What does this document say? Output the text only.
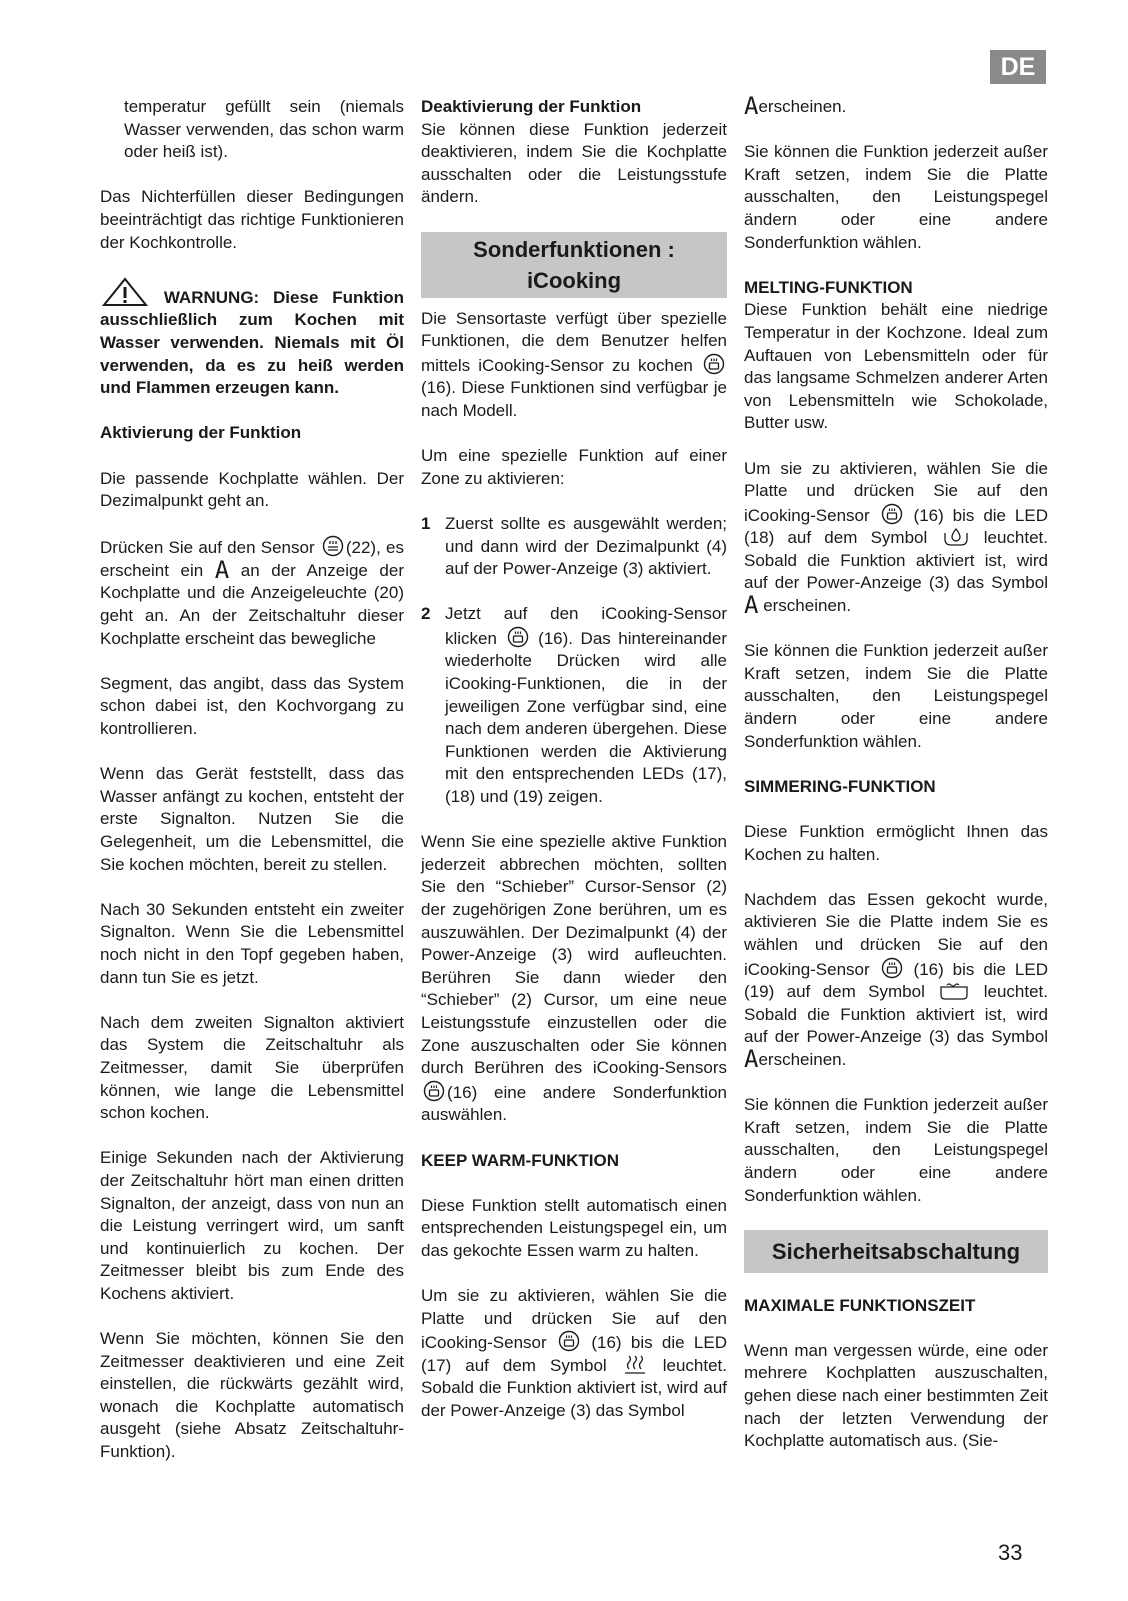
DE

temperatur gefüllt sein (niemals Wasser verwenden, das schon warm oder heiß ist).

Das Nichterfüllen dieser Bedingungen beeinträchtigt das richtige Funktionieren der Kochkontrolle.

WARNUNG: Diese Funktion ausschließlich zum Kochen mit Wasser verwenden. Niemals mit Öl verwenden, da es zu heiß werden und Flammen erzeugen kann.

Aktivierung der Funktion

Die passende Kochplatte wählen. Der Dezimalpunkt geht an.

Drücken Sie auf den Sensor (22), es erscheint ein A an der Anzeige der Kochplatte und die Anzeigeleuchte (20) geht an. An der Zeitschaltuhr dieser Kochplatte erscheint das bewegliche

Segment, das angibt, dass das System schon dabei ist, den Kochvorgang zu kontrollieren.

Wenn das Gerät feststellt, dass das Wasser anfängt zu kochen, entsteht der erste Signalton. Nutzen Sie die Gelegenheit, um die Lebensmittel, die Sie kochen möchten, bereit zu stellen.

Nach 30 Sekunden entsteht ein zweiter Signalton. Wenn Sie die Lebensmittel noch nicht in den Topf gegeben haben, dann tun Sie es jetzt.

Nach dem zweiten Signalton aktiviert das System die Zeitschaltuhr als Zeitmesser, damit Sie überprüfen können, wie lange die Lebensmittel schon kochen.

Einige Sekunden nach der Aktivierung der Zeitschaltuhr hört man einen dritten Signalton, der anzeigt, dass von nun an die Leistung verringert wird, um sanft und kontinuierlich zu kochen. Der Zeitmesser bleibt bis zum Ende des Kochens aktiviert.

Wenn Sie möchten, können Sie den Zeitmesser deaktivieren und eine Zeit einstellen, die rückwärts gezählt wird, wonach die Kochplatte automatisch ausgeht (siehe Absatz Zeitschaltuhr-Funktion).

Deaktivierung der Funktion

Sie können diese Funktion jederzeit deaktivieren, indem Sie die Kochplatte ausschalten oder die Leistungsstufe ändern.

Sonderfunktionen :
iCooking

Die Sensortaste verfügt über spezielle Funktionen, die dem Benutzer helfen mittels iCooking-Sensor zu kochen  (16). Diese Funktionen sind verfügbar je nach Modell.

Um eine spezielle Funktion auf einer Zone zu aktivieren:

1 Zuerst sollte es ausgewählt werden; und dann wird der Dezimalpunkt (4) auf der Power-Anzeige (3) aktiviert.
2 Jetzt auf den iCooking-Sensor klicken (16). Das hintereinander wiederholte Drücken wird alle iCooking-Funktionen, die in der jeweiligen Zone verfügbar sind, eine nach dem anderen übergehen. Diese Funktionen werden die Aktivierung mit den entsprechenden LEDs (17), (18) und (19) zeigen.

Wenn Sie eine spezielle aktive Funktion jederzeit abbrechen möchten, sollten Sie den “Schieber” Cursor-Sensor (2) der zugehörigen Zone berühren, um es auszuwählen. Der Dezimalpunkt (4) der Power-Anzeige (3) wird aufleuchten. Berühren Sie dann wieder den “Schieber” (2) Cursor, um eine neue Leistungsstufe einzustellen oder die Zone auszuschalten oder Sie können durch Berühren des iCooking-Sensors (16) eine andere Sonderfunktion auswählen.

KEEP WARM-FUNKTION

Diese Funktion stellt automatisch einen entsprechenden Leistungspegel ein, um das gekochte Essen warm zu halten.

Um sie zu aktivieren, wählen Sie die Platte und drücken Sie auf den iCooking-Sensor	(16) bis die LED (17) auf dem Symbol	leuchtet. Sobald die Funktion aktiviert ist, wird auf der Power-Anzeige (3) das Symbol

Aerscheinen.

Sie können die Funktion jederzeit außer Kraft setzen, indem Sie die Platte ausschalten, den Leistungspegel ändern oder eine andere Sonderfunktion wählen.

MELTING-FUNKTION

Diese Funktion behält eine niedrige Temperatur in der Kochzone. Ideal zum Auftauen von Lebensmitteln oder für das langsame Schmelzen anderer Arten von Lebensmitteln wie Schokolade, Butter usw.

Um sie zu aktivieren, wählen Sie die Platte und drücken Sie auf den iCooking-Sensor	(16) bis die LED (18) auf dem Symbol	leuchtet. Sobald die Funktion aktiviert ist, wird auf der Power-Anzeige (3) das Symbol A erscheinen.

Sie können die Funktion jederzeit außer Kraft setzen, indem Sie die Platte ausschalten, den Leistungspegel ändern oder eine andere Sonderfunktion wählen.

SIMMERING-FUNKTION

Diese Funktion ermöglicht Ihnen das Kochen zu halten.

Nachdem das Essen gekocht wurde, aktivieren Sie die Platte indem Sie es wählen und drücken Sie auf den iCooking-Sensor	(16) bis die LED (19) auf dem Symbol	leuchtet. Sobald die Funktion aktiviert ist, wird auf der Power-Anzeige (3) das Symbol Aerscheinen.

Sie können die Funktion jederzeit außer Kraft setzen, indem Sie die Platte ausschalten, den Leistungspegel ändern oder eine andere Sonderfunktion wählen.

Sicherheitsabschaltung

MAXIMALE FUNKTIONSZEIT

Wenn man vergessen würde, eine oder mehrere Kochplatten auszuschalten, gehen diese nach einer bestimmten Zeit nach der letzten Verwendung der Kochplatte automatisch aus. (Sie-

33
